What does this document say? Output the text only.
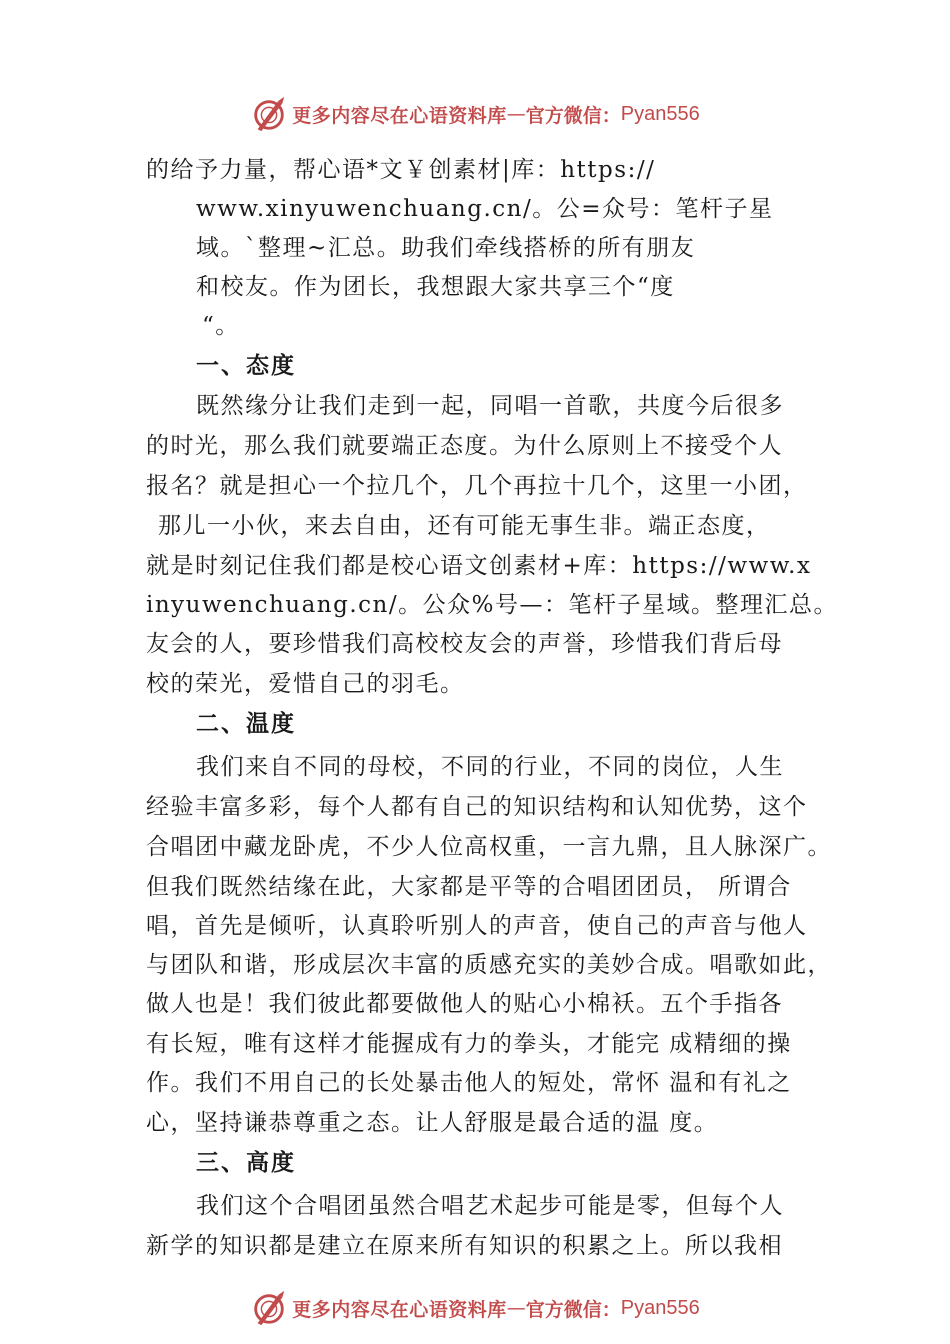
更多内容尽在心语资料库 — 官方微信： Pyan556
的给予力量，帮心语*文￥创素材|库：https://
www.xinyuwenchuang.cn/。公=众号：笔杆子星
域。`整理~汇总。助我们牵线搭桥的所有朋友
和校友。作为团长，我想跟大家共享三个“度
“。
一、态度
既然缘分让我们走到一起，同唱一首歌，共度今后很多
的时光，那么我们就要端正态度。为什么原则上不接受个人
报名？就是担心一个拉几个，几个再拉十几个，这里一小团，
那儿一小伙，来去自由，还有可能无事生非。端正态度，
就是时刻记住我们都是校心语文创素材+库：https://www.x
inyuwenchuang.cn/。公众%号—：笔杆子星域。整理汇总。
友会的人，要珍惜我们高校校友会的声誉，珍惜我们背后母
校的荣光，爱惜自己的羽毛。
二、温度
我们来自不同的母校，不同的行业，不同的岗位，人生
经验丰富多彩，每个人都有自己的知识结构和认知优势，这个
合唱团中藏龙卧虎，不少人位高权重，一言九鼎，且人脉深广。
但我们既然结缘在此，大家都是平等的合唱团团员， 所谓合
唱，首先是倾听，认真聆听别人的声音，使自己的声音与他人
与团队和谐，形成层次丰富的质感充实的美妙合成。唱歌如此，
做人也是！我们彼此都要做他人的贴心小棉袄。五个手指各
有长短，唯有这样才能握成有力的拳头，才能完 成精细的操
作。我们不用自己的长处暴击他人的短处，常怀 温和有礼之
心，坚持谦恭尊重之态。让人舒服是最合适的温 度。
三、高度
我们这个合唱团虽然合唱艺术起步可能是零，但每个人
新学的知识都是建立在原来所有知识的积累之上。所以我相
更多内容尽在心语资料库 — 官方微信： Pyan556
